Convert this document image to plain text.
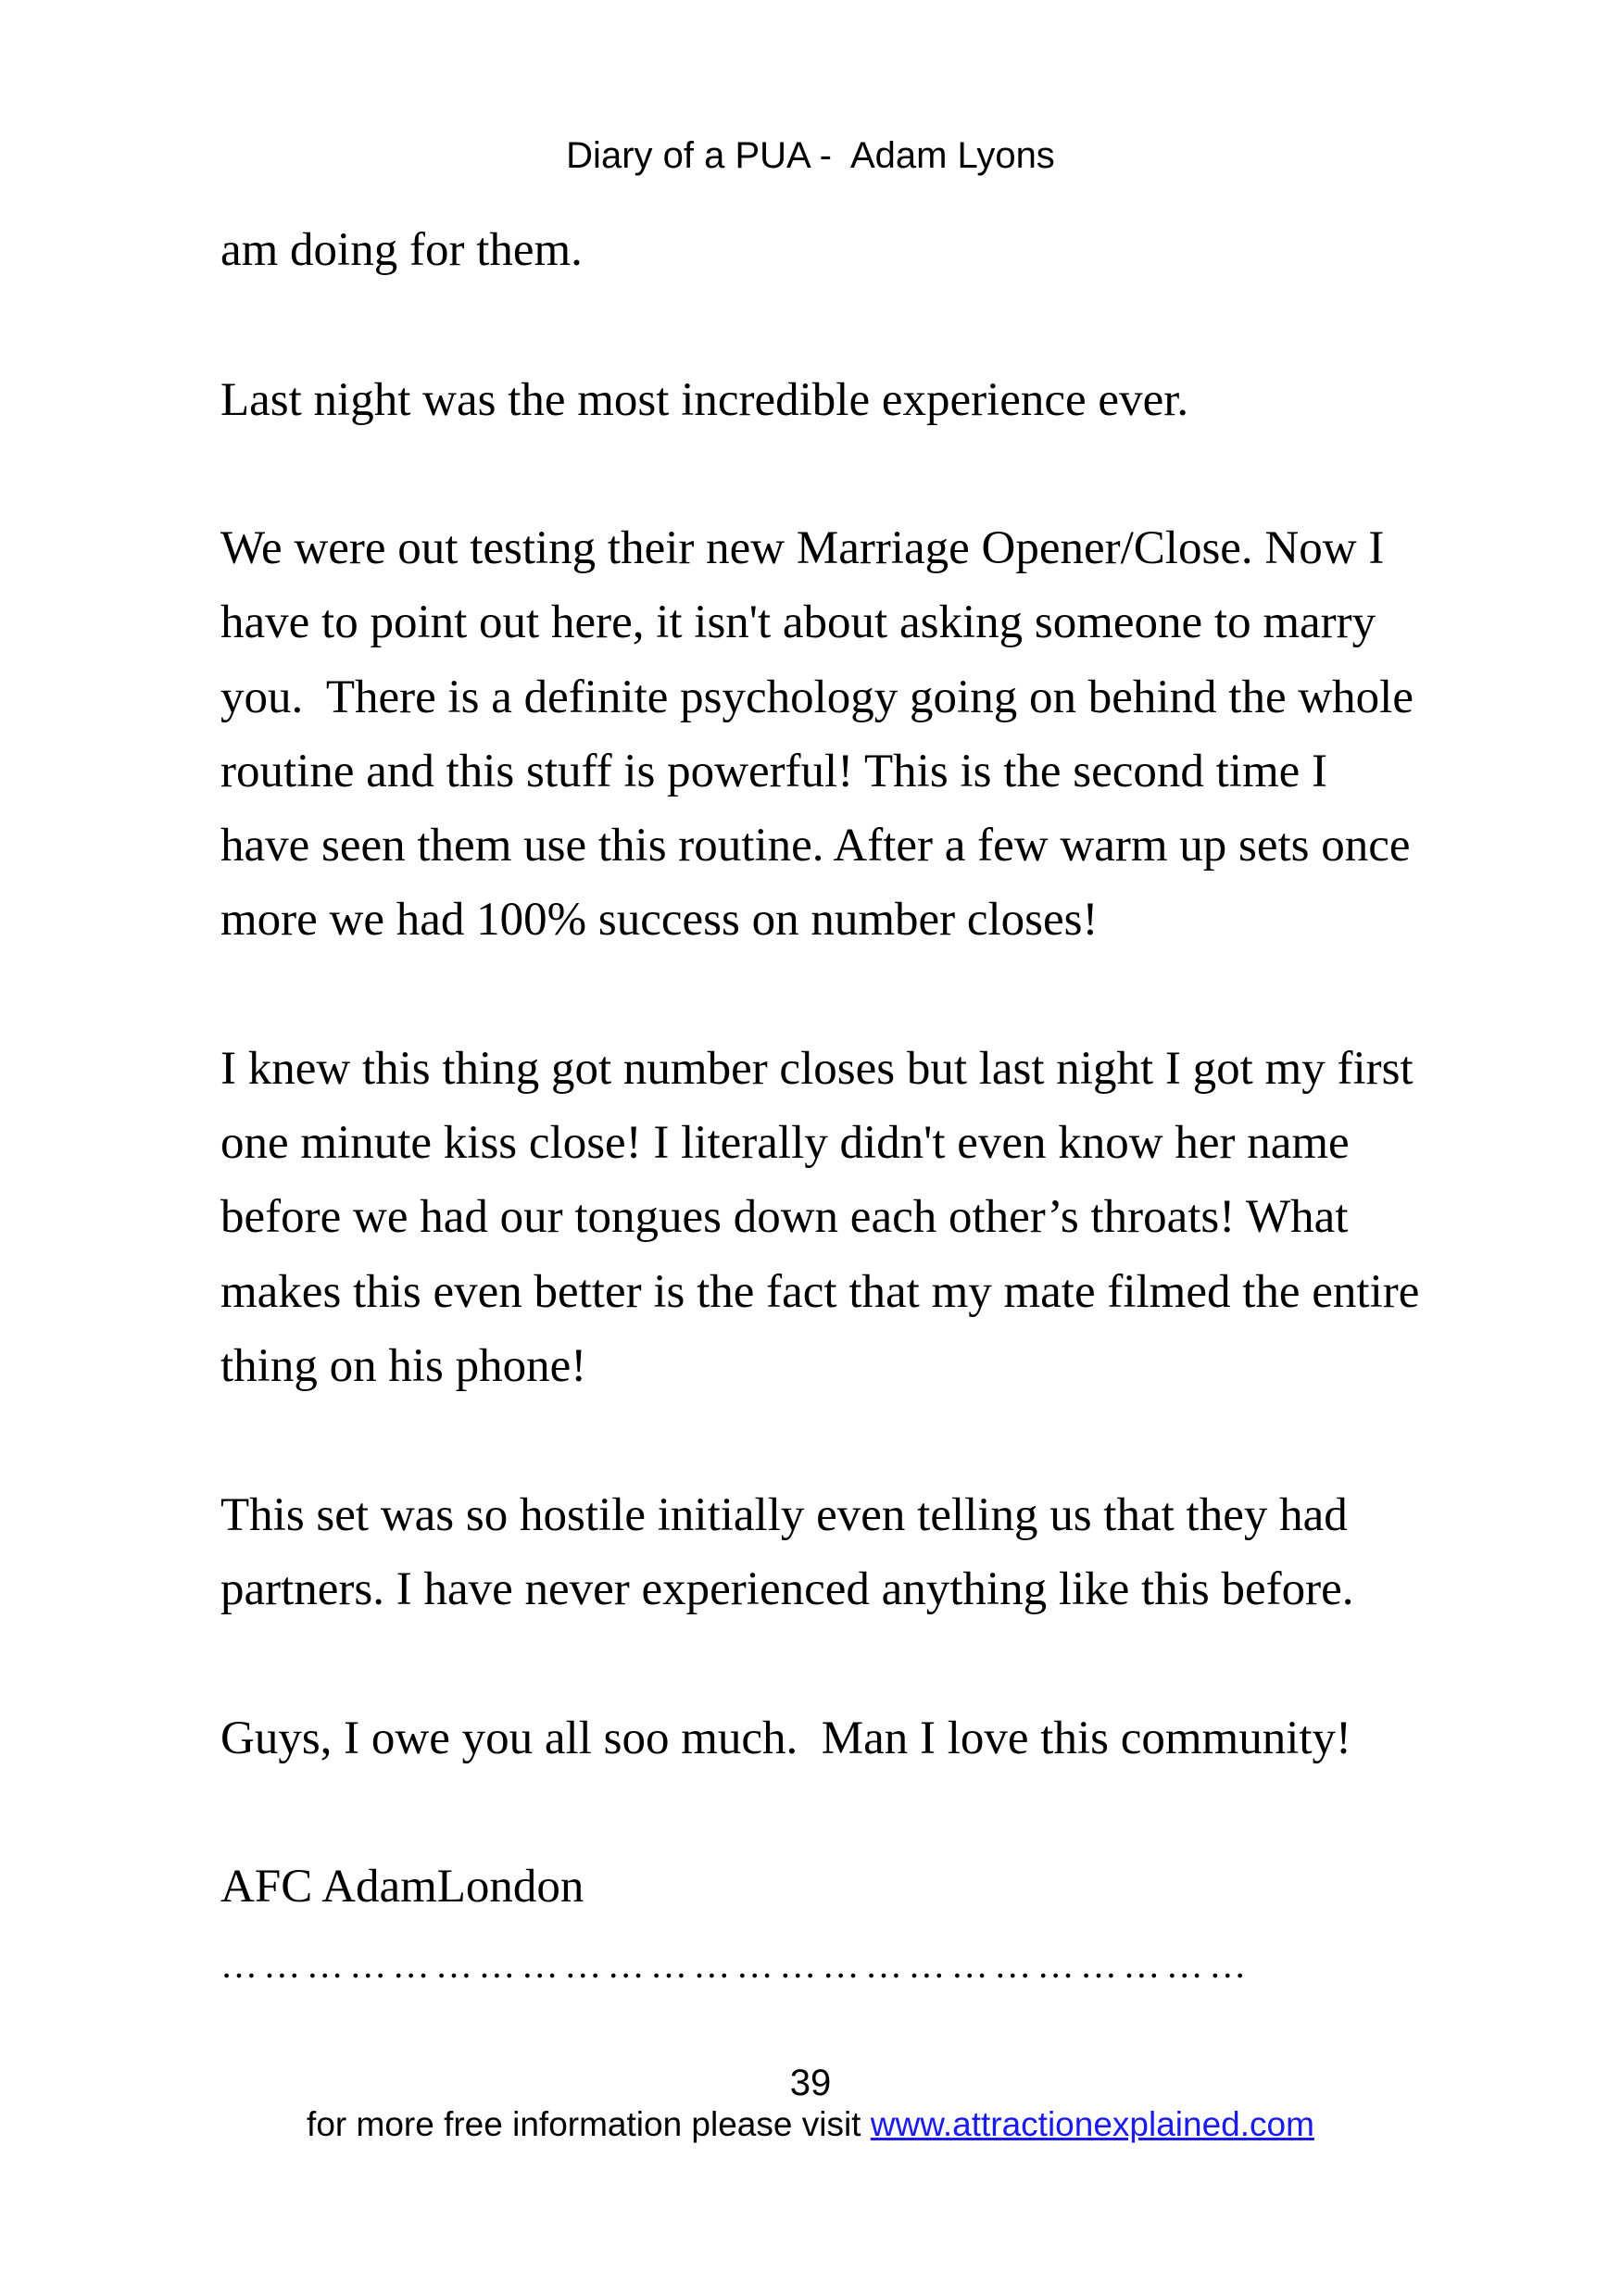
Diary of a PUA -  Adam Lyons
am doing for them.
Last night was the most incredible experience ever.
We were out testing their new Marriage Opener/Close. Now I
have to point out here, it isn't about asking someone to marry
you.  There is a definite psychology going on behind the whole
routine and this stuff is powerful! This is the second time I
have seen them use this routine. After a few warm up sets once
more we had 100% success on number closes!
I knew this thing got number closes but last night I got my first
one minute kiss close! I literally didn't even know her name
before we had our tongues down each other’s throats! What
makes this even better is the fact that my mate filmed the entire
thing on his phone!
This set was so hostile initially even telling us that they had
partners. I have never experienced anything like this before.
Guys, I owe you all soo much.  Man I love this community!
AFC AdamLondon
………………………………………………………………
39
for more free information please visit www.attractionexplained.com
